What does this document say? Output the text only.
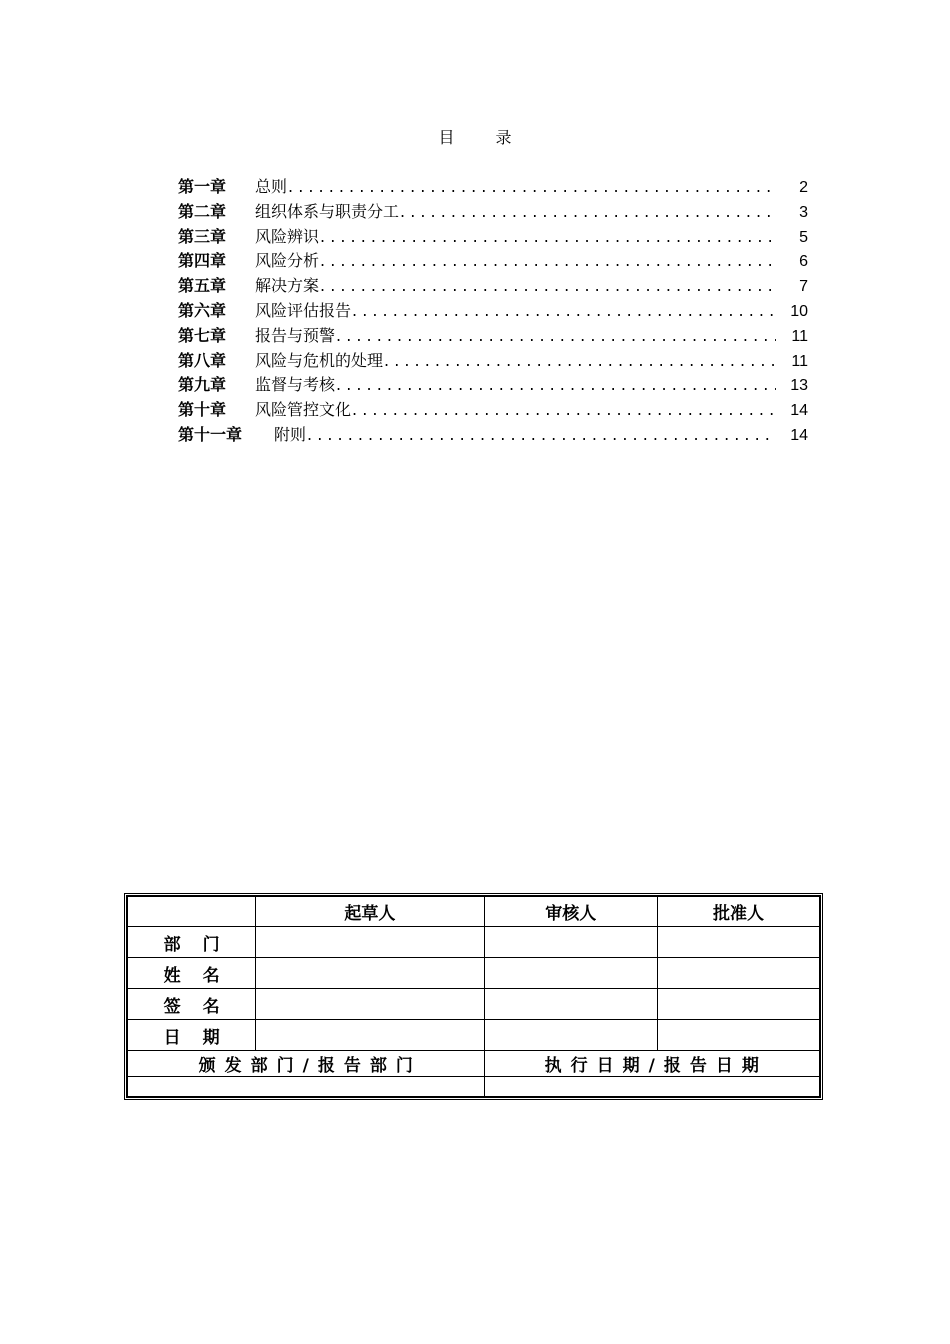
目 录
第一章	总则 . . .	2
第二章	组织体系与职责分工 . . .	3
第三章	风险辨识 . . .	5
第四章	风险分析 . . .	6
第五章	解决方案 . . .	7
第六章	风险评估报告 . . .	10
第七章	报告与预警 . . .	11
第八章	风险与危机的处理 . . .	11
第九章	监督与考核 . . .	13
第十章	风险管控文化 . . .	14
第十一章	附则 . . .	14
	起草人	审核人	批准人
部门			
姓名			
签名			
日期			
颁发部门/报告部门		执行日期/报告日期	
